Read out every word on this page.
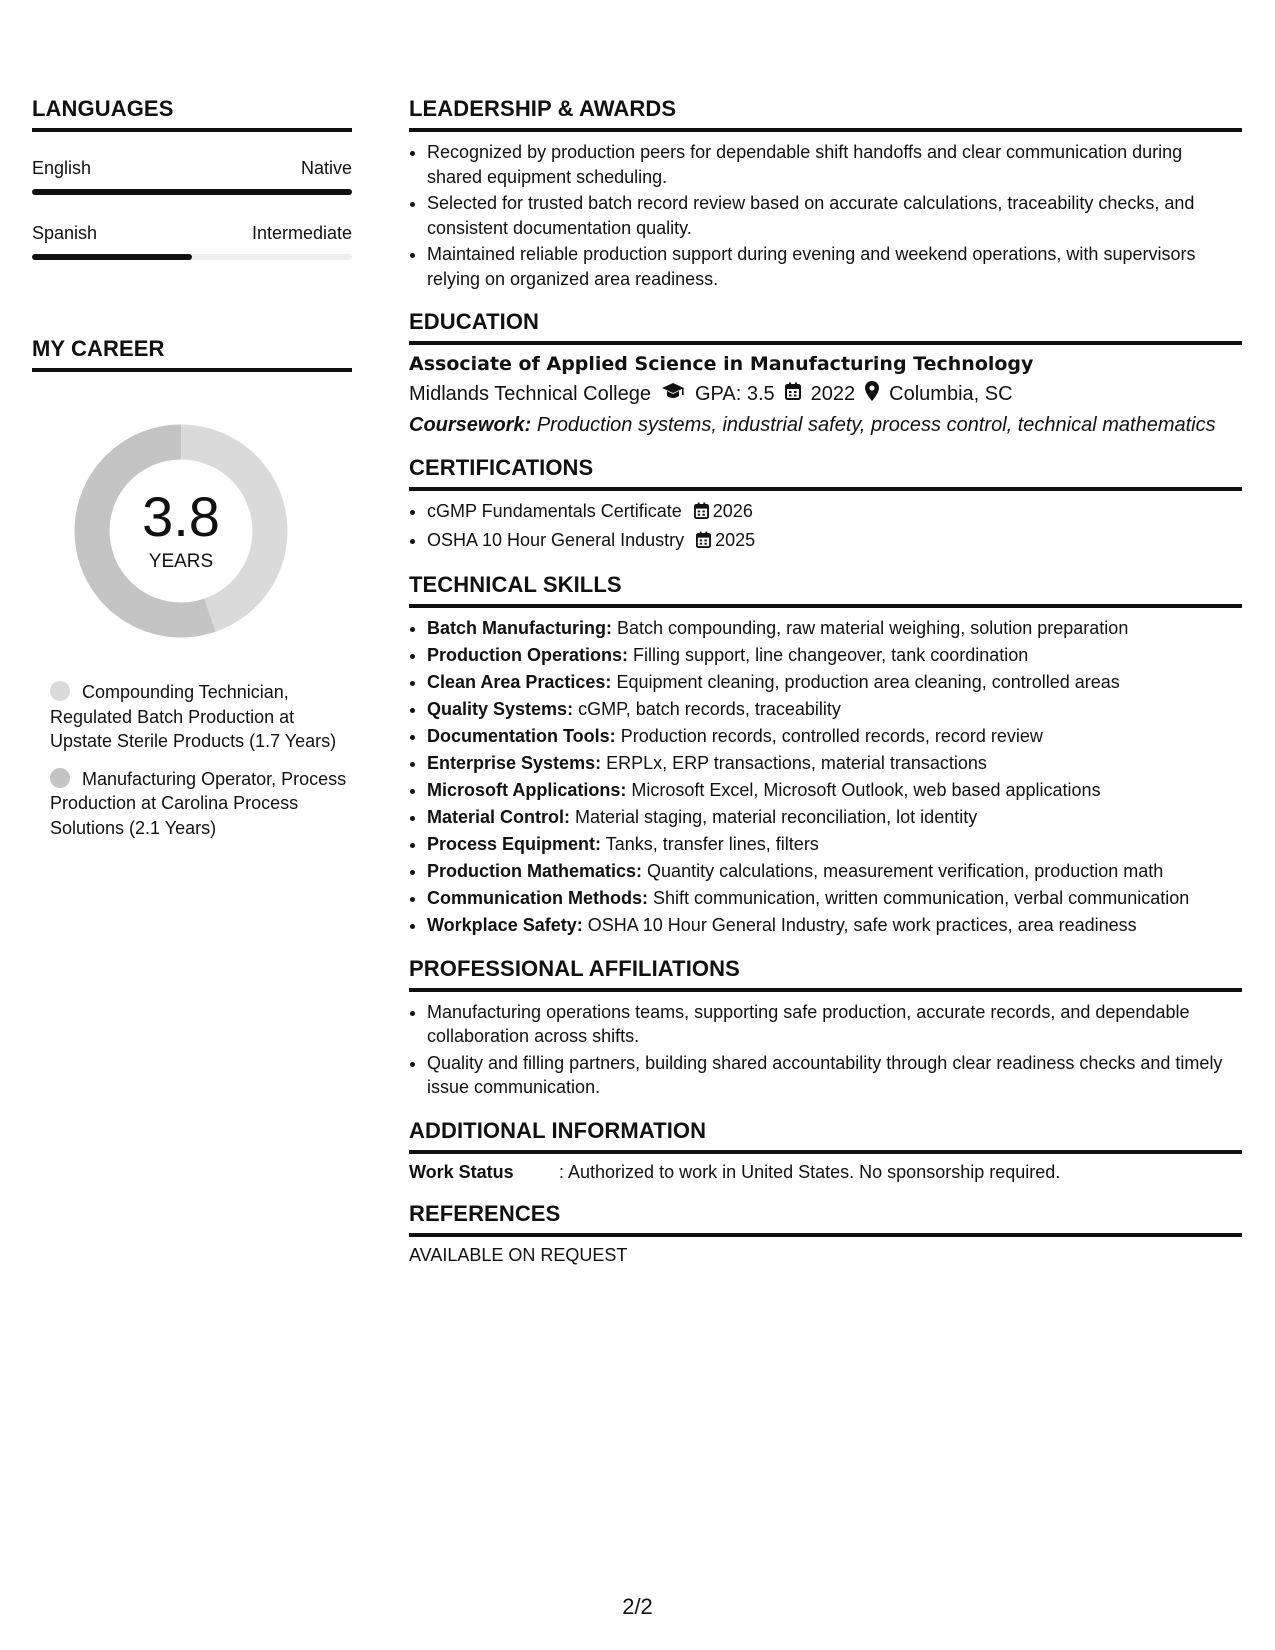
LANGUAGES
English	Native
Spanish	Intermediate
MY CAREER
3.8
YEARS
Compounding Technician, Regulated Batch Production at Upstate Sterile Products (1.7 Years)
Manufacturing Operator, Process Production at Carolina Process Solutions (2.1 Years)
LEADERSHIP & AWARDS
• Recognized by production peers for dependable shift handoffs and clear communication during shared equipment scheduling.
• Selected for trusted batch record review based on accurate calculations, traceability checks, and consistent documentation quality.
• Maintained reliable production support during evening and weekend operations, with supervisors relying on organized area readiness.
EDUCATION
Associate of Applied Science in Manufacturing Technology
Midlands Technical College GPA: 3.5 2022 Columbia, SC
Coursework: Production systems, industrial safety, process control, technical mathematics
CERTIFICATIONS
• cGMP Fundamentals Certificate 2026
• OSHA 10 Hour General Industry 2025
TECHNICAL SKILLS
• Batch Manufacturing: Batch compounding, raw material weighing, solution preparation
• Production Operations: Filling support, line changeover, tank coordination
• Clean Area Practices: Equipment cleaning, production area cleaning, controlled areas
• Quality Systems: cGMP, batch records, traceability
• Documentation Tools: Production records, controlled records, record review
• Enterprise Systems: ERPLx, ERP transactions, material transactions
• Microsoft Applications: Microsoft Excel, Microsoft Outlook, web based applications
• Material Control: Material staging, material reconciliation, lot identity
• Process Equipment: Tanks, transfer lines, filters
• Production Mathematics: Quantity calculations, measurement verification, production math
• Communication Methods: Shift communication, written communication, verbal communication
• Workplace Safety: OSHA 10 Hour General Industry, safe work practices, area readiness
PROFESSIONAL AFFILIATIONS
• Manufacturing operations teams, supporting safe production, accurate records, and dependable collaboration across shifts.
• Quality and filling partners, building shared accountability through clear readiness checks and timely issue communication.
ADDITIONAL INFORMATION
Work Status	: Authorized to work in United States. No sponsorship required.
REFERENCES
AVAILABLE ON REQUEST
2/2
